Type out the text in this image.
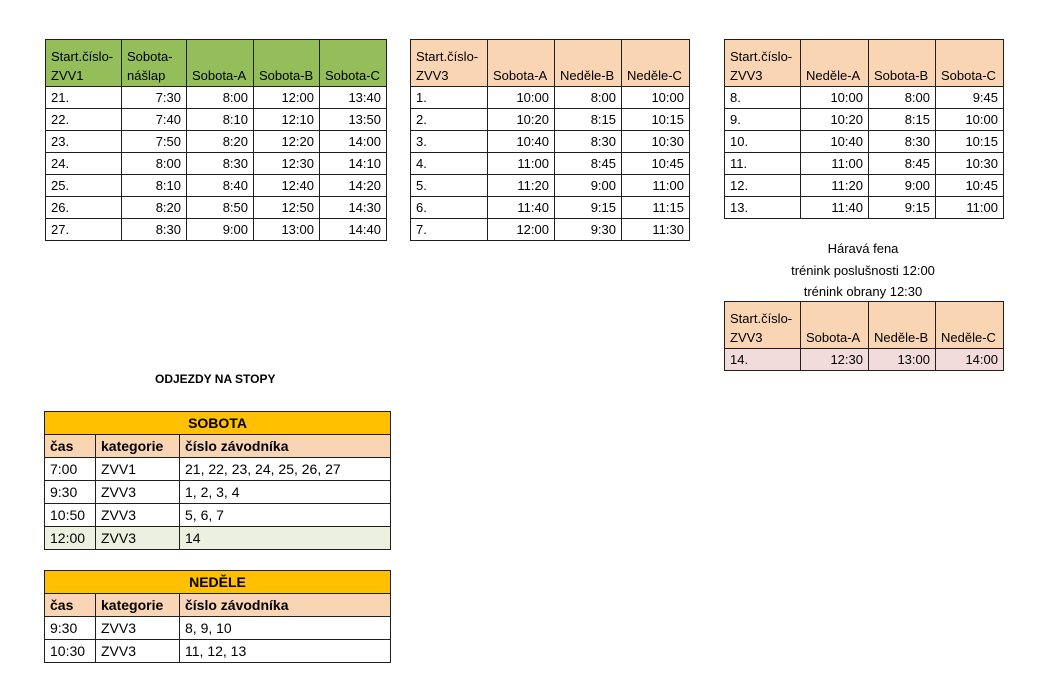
Start.číslo-ZVV1	Sobota-nášlap	Sobota-A	Sobota-B	Sobota-C
21.	7:30	8:00	12:00	13:40
22.	7:40	8:10	12:10	13:50
23.	7:50	8:20	12:20	14:00
24.	8:00	8:30	12:30	14:10
25.	8:10	8:40	12:40	14:20
26.	8:20	8:50	12:50	14:30
27.	8:30	9:00	13:00	14:40
Start.číslo-ZVV3	Sobota-A	Neděle-B	Neděle-C
1.	10:00	8:00	10:00
2.	10:20	8:15	10:15
3.	10:40	8:30	10:30
4.	11:00	8:45	10:45
5.	11:20	9:00	11:00
6.	11:40	9:15	11:15
7.	12:00	9:30	11:30
Start.číslo-ZVV3	Neděle-A	Sobota-B	Sobota-C
8.	10:00	8:00	9:45
9.	10:20	8:15	10:00
10.	10:40	8:30	10:15
11.	11:00	8:45	10:30
12.	11:20	9:00	10:45
13.	11:40	9:15	11:00
Háravá fena
trénink poslušnosti 12:00
trénink obrany 12:30
Start.číslo-ZVV3	Sobota-A	Neděle-B	Neděle-C
14.	12:30	13:00	14:00
ODJEZDY NA STOPY
SOBOTA		
čas	kategorie	číslo závodníka
7:00	ZVV1	21, 22, 23, 24, 25, 26, 27
9:30	ZVV3	1, 2, 3, 4
10:50	ZVV3	5, 6, 7
12:00	ZVV3	14
NEDĚLE		
čas	kategorie	číslo závodníka
9:30	ZVV3	8, 9, 10
10:30	ZVV3	11, 12, 13
